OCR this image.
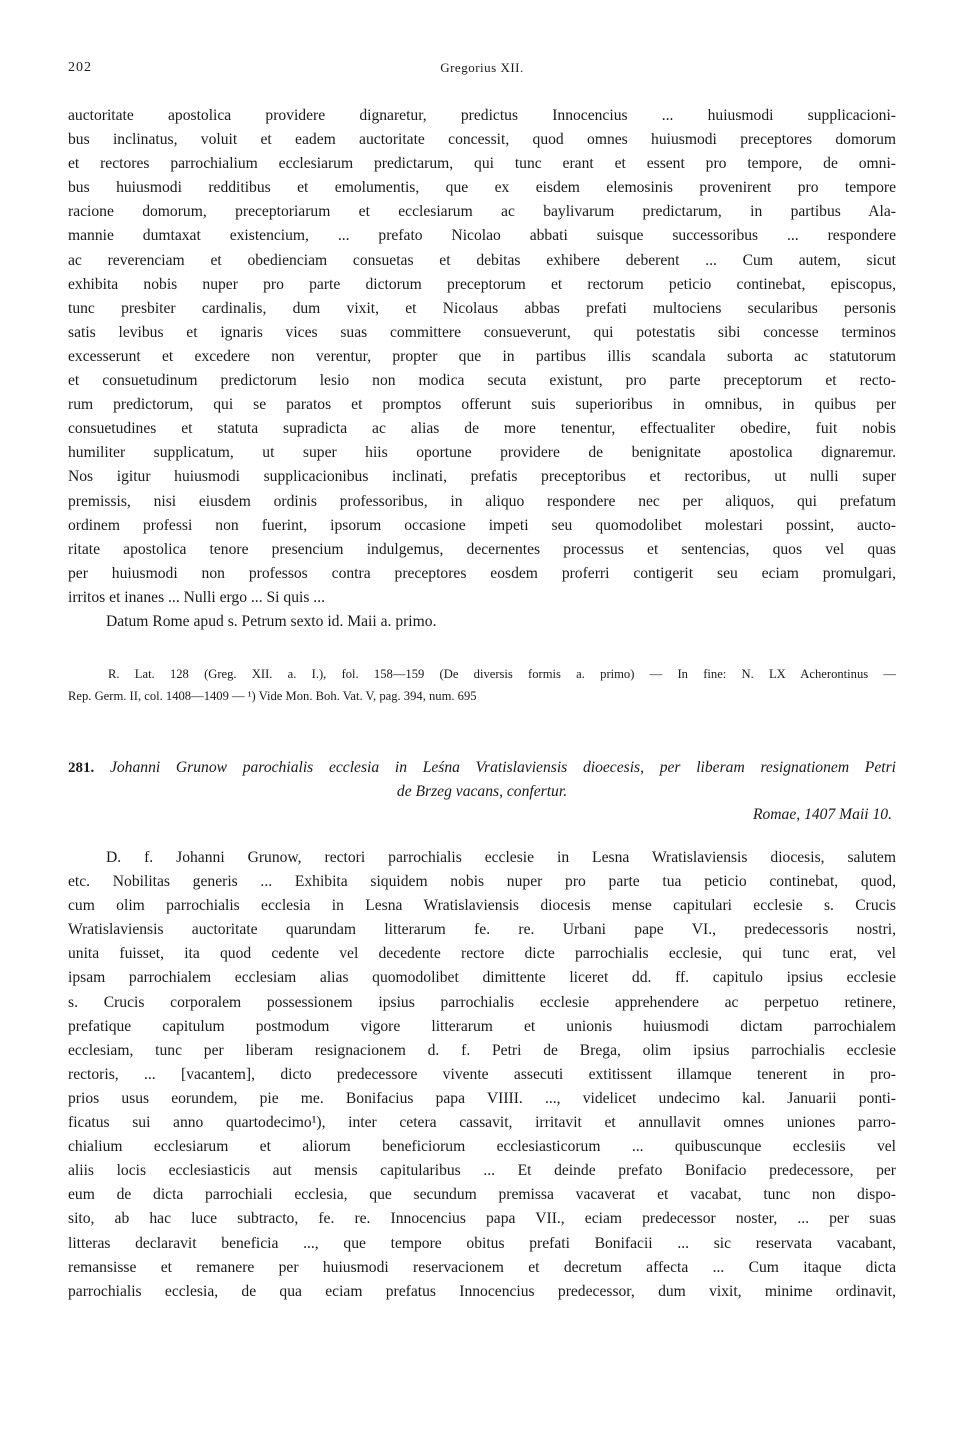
202	Gregorius XII.
auctoritate apostolica providere dignaretur, predictus Innocencius ... huiusmodi supplicacioni-
bus inclinatus, voluit et eadem auctoritate concessit, quod omnes huiusmodi preceptores domorum
et rectores parrochialium ecclesiarum predictarum, qui tunc erant et essent pro tempore, de omni-
bus huiusmodi redditibus et emolumentis, que ex eisdem elemosinis provenirent pro tempore
racione domorum, preceptoriarum et ecclesiarum ac baylivarum predictarum, in partibus Ala-
mannie dumtaxat existencium, ... prefato Nicolao abbati suisque successoribus ... respondere
ac reverenciam et obedienciam consuetas et debitas exhibere deberent ... Cum autem, sicut
exhibita nobis nuper pro parte dictorum preceptorum et rectorum peticio continebat, episcopus,
tunc presbiter cardinalis, dum vixit, et Nicolaus abbas prefati multociens secularibus personis
satis levibus et ignaris vices suas committere consueverunt, qui potestatis sibi concesse terminos
excesserunt et excedere non verentur, propter que in partibus illis scandala suborta ac statutorum
et consuetudinum predictorum lesio non modica secuta existunt, pro parte preceptorum et recto-
rum predictorum, qui se paratos et promptos offerunt suis superioribus in omnibus, in quibus per
consuetudines et statuta supradicta ac alias de more tenentur, effectualiter obedire, fuit nobis
humiliter supplicatum, ut super hiis oportune providere de benignitate apostolica dignaremur.
Nos igitur huiusmodi supplicacionibus inclinati, prefatis preceptoribus et rectoribus, ut nulli super
premissis, nisi eiusdem ordinis professoribus, in aliquo respondere nec per aliquos, qui prefatum
ordinem professi non fuerint, ipsorum occasione impeti seu quomodolibet molestari possint, aucto-
ritate apostolica tenore presencium indulgemus, decernentes processus et sentencias, quos vel quas
per huiusmodi non professos contra preceptores eosdem proferri contigerit seu eciam promulgari,
irritos et inanes ... Nulli ergo ... Si quis ...
Datum Rome apud s. Petrum sexto id. Maii a. primo.
R. Lat. 128 (Greg. XII. a. I.), fol. 158—159 (De diversis formis a. primo) — In fine: N. LX Acherontinus —
Rep. Germ. II, col. 1408—1409 — ¹) Vide Mon. Boh. Vat. V, pag. 394, num. 695
281. Johanni Grunow parochialis ecclesia in Leśna Vratislaviensis dioecesis, per liberam resignationem Petri
de Brzeg vacans, confertur.
Romae, 1407 Maii 10.
D. f. Johanni Grunow, rectori parrochialis ecclesie in Lesna Wratislaviensis diocesis, salutem
etc. Nobilitas generis ... Exhibita siquidem nobis nuper pro parte tua peticio continebat, quod,
cum olim parrochialis ecclesia in Lesna Wratislaviensis diocesis mense capitulari ecclesie s. Crucis
Wratislaviensis auctoritate quarundam litterarum fe. re. Urbani pape VI., predecessoris nostri,
unita fuisset, ita quod cedente vel decedente rectore dicte parrochialis ecclesie, qui tunc erat, vel
ipsam parrochialem ecclesiam alias quomodolibet dimittente liceret dd. ff. capitulo ipsius ecclesie
s. Crucis corporalem possessionem ipsius parrochialis ecclesie apprehendere ac perpetuo retinere,
prefatique capitulum postmodum vigore litterarum et unionis huiusmodi dictam parrochialem
ecclesiam, tunc per liberam resignacionem d. f. Petri de Brega, olim ipsius parrochialis ecclesie
rectoris, ... [vacantem], dicto predecessore vivente assecuti extitissent illamque tenerent in pro-
prios usus eorundem, pie me. Bonifacius papa VIIII. ..., videlicet undecimo kal. Januarii ponti-
ficatus sui anno quartodecimo¹), inter cetera cassavit, irritavit et annullavit omnes uniones parro-
chialium ecclesiarum et aliorum beneficiorum ecclesiasticorum ... quibuscunque ecclesiis vel
aliis locis ecclesiasticis aut mensis capitularibus ... Et deinde prefato Bonifacio predecessore, per
eum de dicta parrochiali ecclesia, que secundum premissa vacaverat et vacabat, tunc non dispo-
sito, ab hac luce subtracto, fe. re. Innocencius papa VII., eciam predecessor noster, ... per suas
litteras declaravit beneficia ..., que tempore obitus prefati Bonifacii ... sic reservata vacabant,
remansisse et remanere per huiusmodi reservacionem et decretum affecta ... Cum itaque dicta
parrochialis ecclesia, de qua eciam prefatus Innocencius predecessor, dum vixit, minime ordinavit,
